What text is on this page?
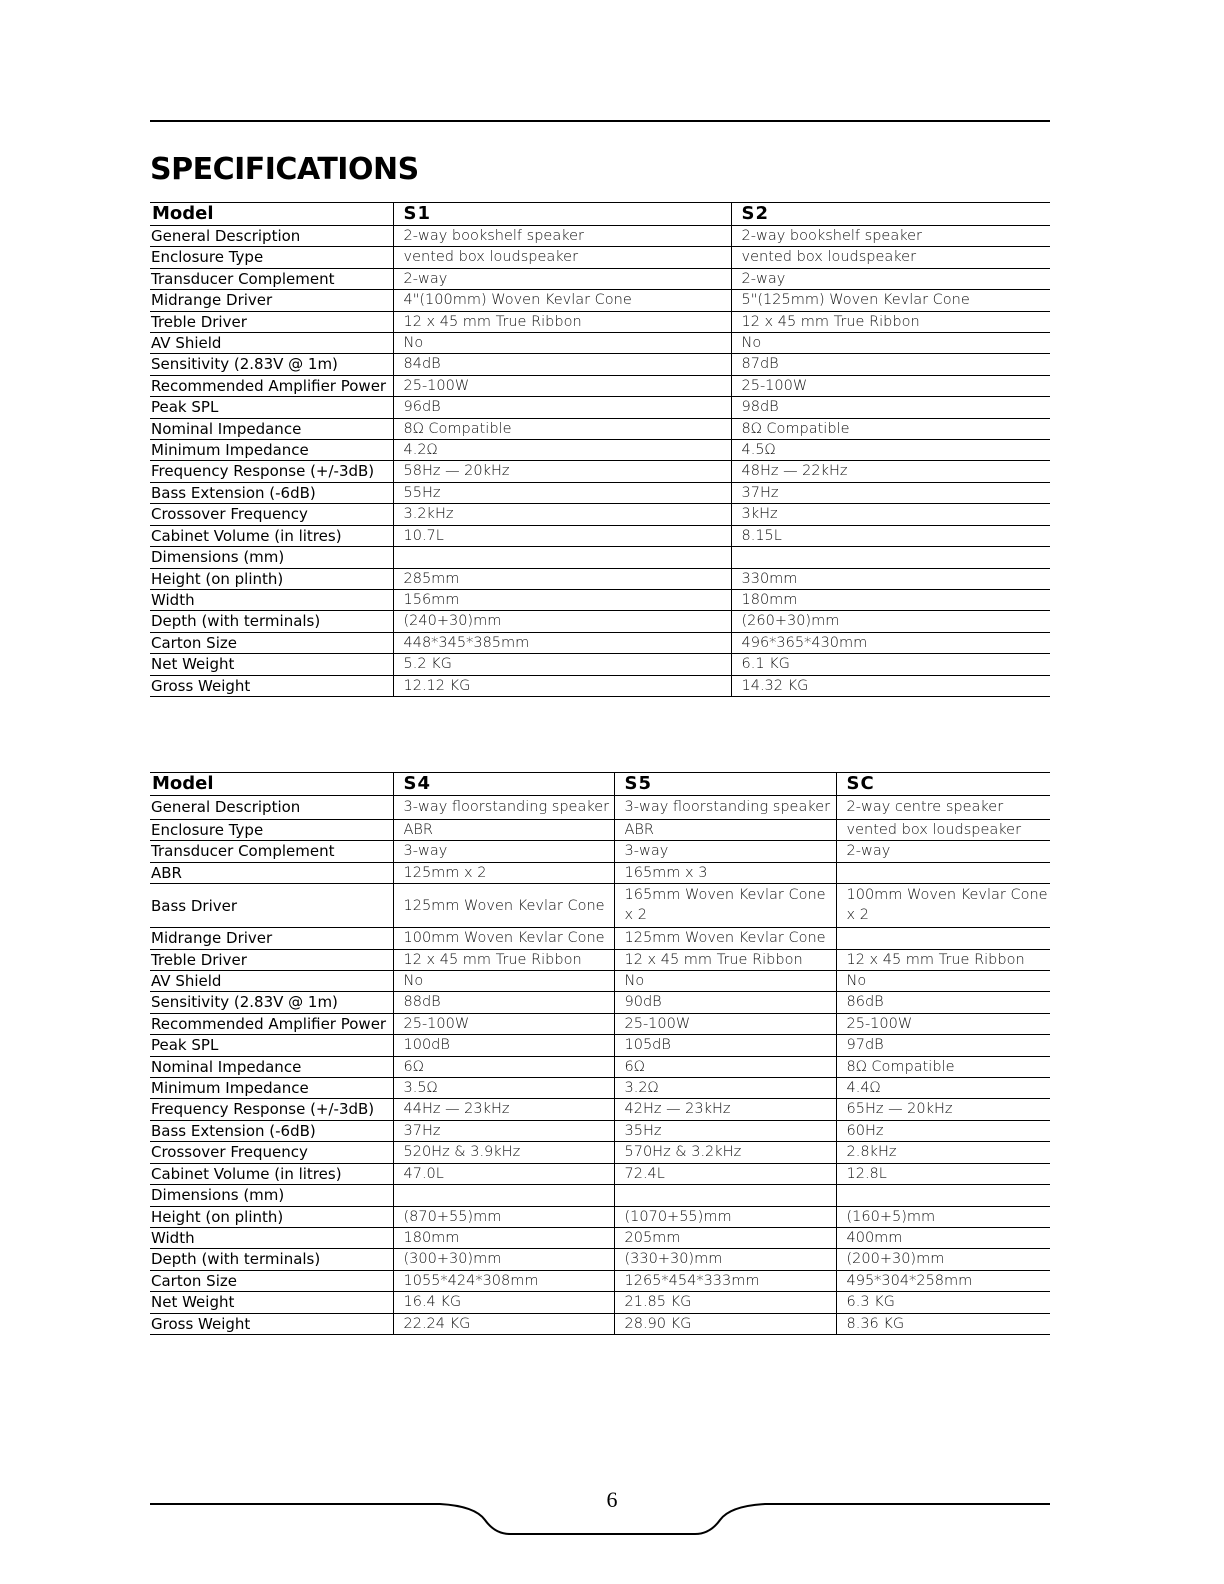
SPECIFICATIONS
Model	S1	S2
General Description	2-way bookshelf speaker	2-way bookshelf speaker
Enclosure Type	vented box loudspeaker	vented box loudspeaker
Transducer Complement	2-way	2-way
Midrange Driver	4"(100mm) Woven Kevlar Cone	5"(125mm) Woven Kevlar Cone
Treble Driver	12 x 45 mm True Ribbon	12 x 45 mm True Ribbon
AV Shield	No	No
Sensitivity (2.83V @ 1m)	84dB	87dB
Recommended Amplifier Power	25-100W	25-100W
Peak SPL	96dB	98dB
Nominal Impedance	8Ω Compatible	8Ω Compatible
Minimum Impedance	4.2Ω	4.5Ω
Frequency Response (+/-3dB)	58Hz — 20kHz	48Hz — 22kHz
Bass Extension (-6dB)	55Hz	37Hz
Crossover Frequency	3.2kHz	3kHz
Cabinet Volume (in litres)	10.7L	8.15L
Dimensions (mm)		
Height (on plinth)	285mm	330mm
Width	156mm	180mm
Depth (with terminals)	(240+30)mm	(260+30)mm
Carton Size	448*345*385mm	496*365*430mm
Net Weight	5.2 KG	6.1 KG
Gross Weight	12.12 KG	14.32 KG
Model	S4	S5	SC
General Description	3-way floorstanding speaker	3-way floorstanding speaker	2-way centre speaker
Enclosure Type	ABR	ABR	vented box loudspeaker
Transducer Complement	3-way	3-way	2-way
ABR	125mm x 2	165mm x 3	
Bass Driver	125mm Woven Kevlar Cone	165mm Woven Kevlar Cone x 2	100mm Woven Kevlar Cone x 2
Midrange Driver	100mm Woven Kevlar Cone	125mm Woven Kevlar Cone	
Treble Driver	12 x 45 mm True Ribbon	12 x 45 mm True Ribbon	12 x 45 mm True Ribbon
AV Shield	No	No	No
Sensitivity (2.83V @ 1m)	88dB	90dB	86dB
Recommended Amplifier Power	25-100W	25-100W	25-100W
Peak SPL	100dB	105dB	97dB
Nominal Impedance	6Ω	6Ω	8Ω Compatible
Minimum Impedance	3.5Ω	3.2Ω	4.4Ω
Frequency Response (+/-3dB)	44Hz — 23kHz	42Hz — 23kHz	65Hz — 20kHz
Bass Extension (-6dB)	37Hz	35Hz	60Hz
Crossover Frequency	520Hz & 3.9kHz	570Hz & 3.2kHz	2.8kHz
Cabinet Volume (in litres)	47.0L	72.4L	12.8L
Dimensions (mm)			
Height (on plinth)	(870+55)mm	(1070+55)mm	(160+5)mm
Width	180mm	205mm	400mm
Depth (with terminals)	(300+30)mm	(330+30)mm	(200+30)mm
Carton Size	1055*424*308mm	1265*454*333mm	495*304*258mm
Net Weight	16.4 KG	21.85 KG	6.3 KG
Gross Weight	22.24 KG	28.90 KG	8.36 KG
6
